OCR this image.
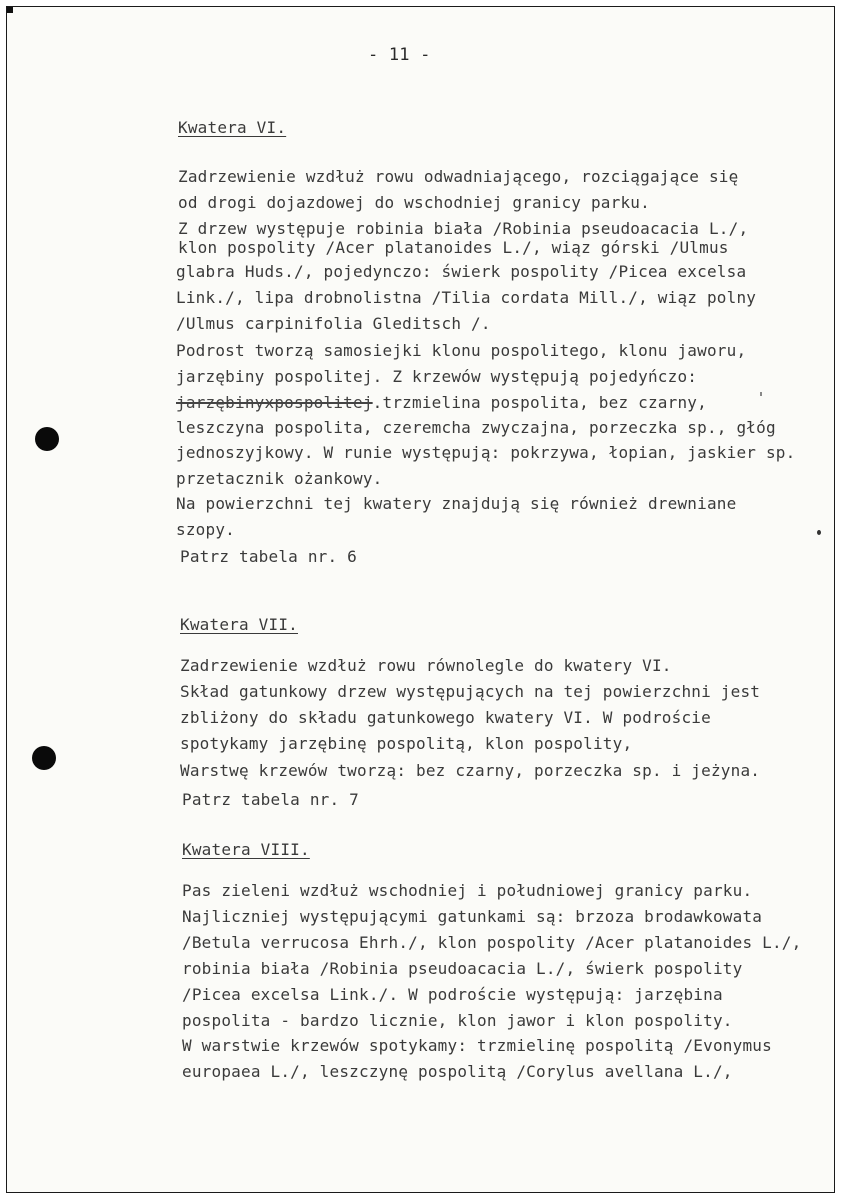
- 11 -
Kwatera VI.
Zadrzewienie wzdłuż rowu odwadniającego, rozciągające się
od drogi dojazdowej do wschodniej granicy parku.
Z drzew występuje robinia biała /Robinia pseudoacacia L./,
klon pospolity /Acer platanoides L./, wiąz górski /Ulmus
glabra Huds./, pojedynczo: świerk pospolity /Picea excelsa
Link./, lipa drobnolistna /Tilia cordata Mill./, wiąz polny
/Ulmus carpinifolia Gleditsch /.
Podrost tworzą samosiejki klonu pospolitego, klonu jaworu,
jarzębiny pospolitej. Z krzewów występują pojedyńczo:
jarzębinyxpospolitej.trzmielina pospolita, bez czarny,
leszczyna pospolita, czeremcha zwyczajna, porzeczka sp., głóg
jednoszyjkowy. W runie występują: pokrzywa, łopian, jaskier sp.
przetacznik ożankowy.
Na powierzchni tej kwatery znajdują się również drewniane
szopy.
Patrz tabela nr. 6
Kwatera VII.
Zadrzewienie wzdłuż rowu równolegle do kwatery VI.
Skład gatunkowy drzew występujących na tej powierzchni jest
zbliżony do składu gatunkowego kwatery VI. W podroście
spotykamy jarzębinę pospolitą, klon pospolity,
Warstwę krzewów tworzą: bez czarny, porzeczka sp. i jeżyna.
Patrz tabela nr. 7
Kwatera VIII.
Pas zieleni wzdłuż wschodniej i południowej granicy parku.
Najliczniej występującymi gatunkami są: brzoza brodawkowata
/Betula verrucosa Ehrh./, klon pospolity /Acer platanoides L./,
robinia biała /Robinia pseudoacacia L./, świerk pospolity
/Picea excelsa Link./. W podroście występują: jarzębina
pospolita - bardzo licznie, klon jawor i klon pospolity.
W warstwie krzewów spotykamy: trzmielinę pospolitą /Evonymus
europaea L./, leszczynę pospolitą /Corylus avellana L./,
